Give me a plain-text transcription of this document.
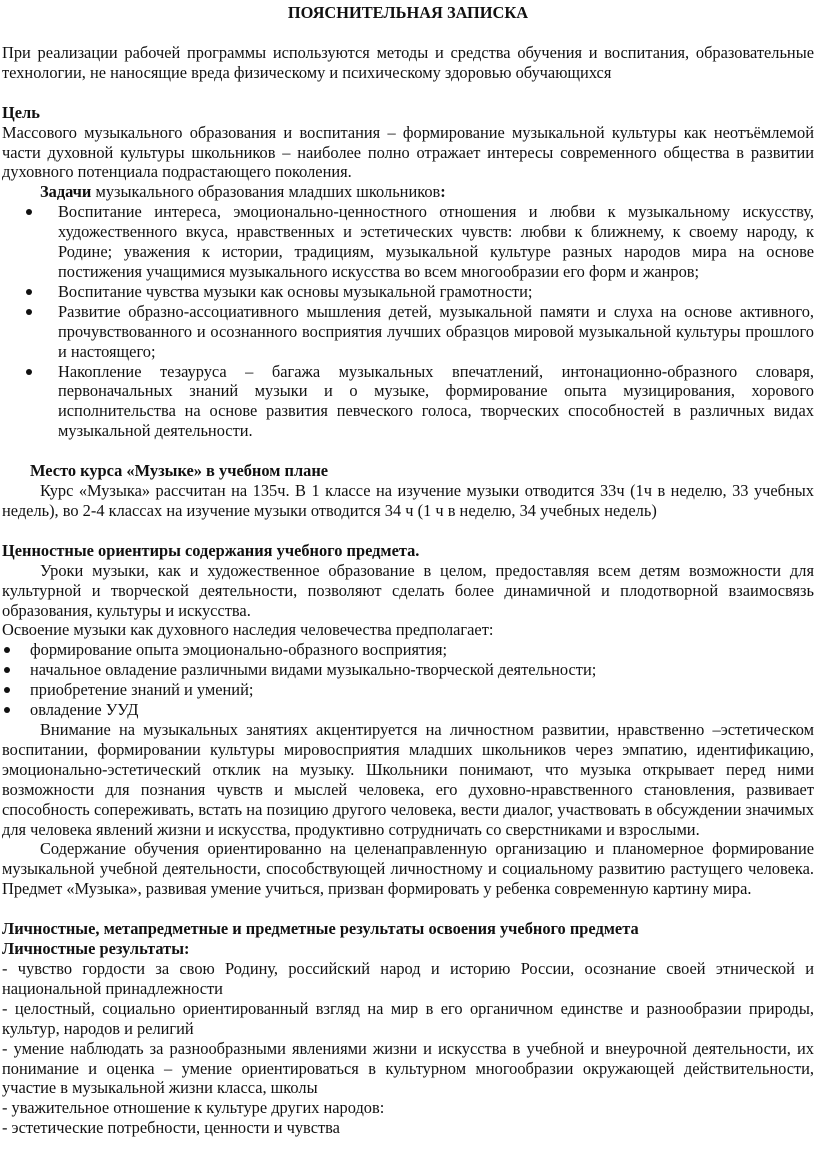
ПОЯСНИТЕЛЬНАЯ ЗАПИСКА

При реализации рабочей программы используются методы и средства обучения и воспитания, образовательные технологии, не наносящие вреда физическому и психическому здоровью обучающихся

Цель

Массового музыкального образования и воспитания – формирование музыкальной культуры как неотъёмлемой части духовной культуры школьников – наиболее полно отражает интересы современного общества в развитии духовного потенциала подрастающего поколения.

Задачи музыкального образования младших школьников:

Воспитание интереса, эмоционально-ценностного отношения и любви к музыкальному искусству, художественного вкуса, нравственных и эстетических чувств: любви к ближнему, к своему народу, к Родине; уважения к истории, традициям, музыкальной культуре разных народов мира на основе постижения учащимися музыкального искусства во всем многообразии его форм и жанров;
Воспитание чувства музыки как основы музыкальной грамотности;
Развитие образно-ассоциативного мышления детей, музыкальной памяти и слуха на основе активного, прочувствованного и осознанного восприятия лучших образцов мировой музыкальной культуры прошлого и настоящего;
Накопление тезауруса – багажа музыкальных впечатлений, интонационно-образного словаря, первоначальных знаний музыки и о музыке, формирование опыта музицирования, хорового исполнительства на основе развития певческого голоса, творческих способностей в различных видах музыкальной деятельности.

Место курса «Музыке» в учебном плане

Курс «Музыка» рассчитан на 135ч. В 1 классе на изучение музыки отводится 33ч (1ч в неделю, 33 учебных недель), во 2-4 классах на изучение музыки отводится 34 ч (1 ч в неделю, 34 учебных недель)

Ценностные ориентиры содержания учебного предмета.

Уроки музыки, как и художественное образование в целом, предоставляя всем детям возможности для культурной и творческой деятельности, позволяют сделать более динамичной и плодотворной взаимосвязь образования, культуры и искусства.

Освоение музыки как духовного наследия человечества предполагает:

формирование опыта эмоционально-образного восприятия;
начальное овладение различными видами музыкально-творческой деятельности;
приобретение знаний и умений;
овладение УУД

Внимание на музыкальных занятиях акцентируется на личностном развитии, нравственно –эстетическом воспитании, формировании культуры мировосприятия младших школьников через эмпатию, идентификацию, эмоционально-эстетический отклик на музыку. Школьники понимают, что музыка открывает перед ними возможности для познания чувств и мыслей человека, его духовно-нравственного становления, развивает способность сопереживать, встать на позицию другого человека, вести диалог, участвовать в обсуждении значимых для человека явлений жизни и искусства, продуктивно сотрудничать со сверстниками и взрослыми.

Содержание обучения ориентированно на целенаправленную организацию и планомерное формирование музыкальной учебной деятельности, способствующей личностному и социальному развитию растущего человека. Предмет «Музыка», развивая умение учиться, призван формировать у ребенка современную картину мира.

Личностные, метапредметные и предметные результаты освоения учебного предмета

Личностные результаты:

- чувство гордости за свою Родину, российский народ и историю России, осознание своей этнической и национальной принадлежности

- целостный, социально ориентированный взгляд на мир в его органичном единстве и разнообразии природы, культур, народов и религий

- умение наблюдать за разнообразными явлениями жизни и искусства в учебной и внеурочной деятельности, их понимание и оценка – умение ориентироваться в культурном многообразии окружающей действительности, участие в музыкальной жизни класса, школы

- уважительное отношение к культуре других народов:

- эстетические потребности, ценности и чувства
